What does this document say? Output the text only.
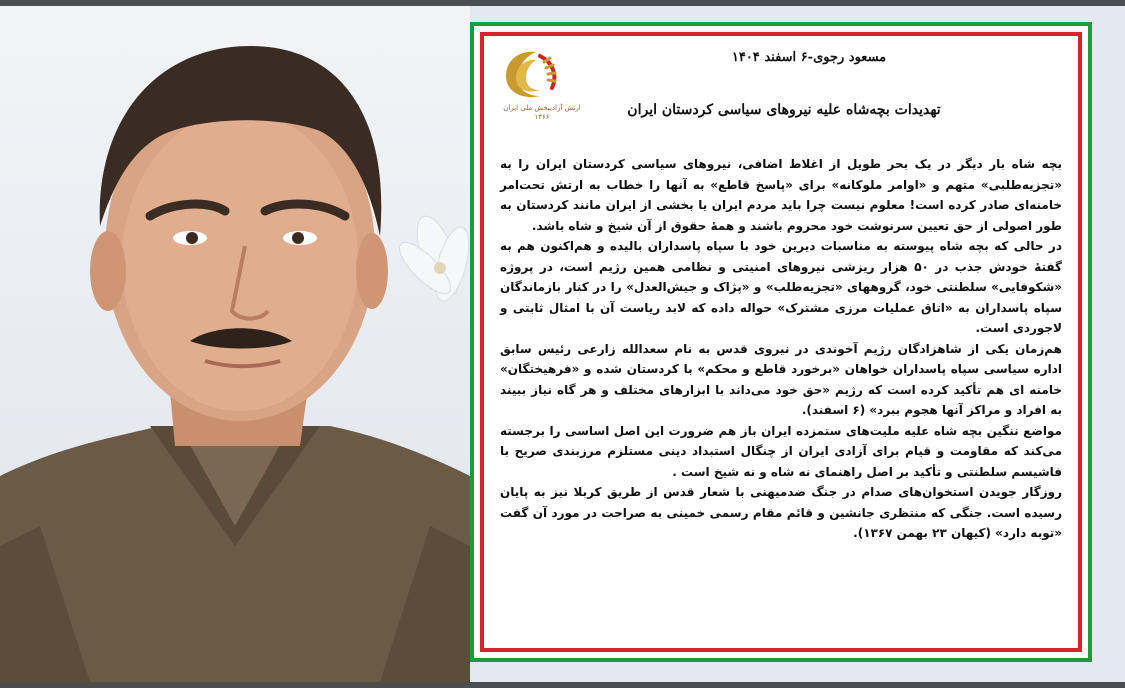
ارتش آزادیبخش ملی ایران ۱۳۶۶
مسعود رجوی-۶ اسفند ۱۴۰۴
تهدیدات بچه‌شاه علیه نیروهای سیاسی کردستان ایران

بچه شاه بار دیگر در یک بحر طویل از اغلاط اضافی، نیروهای سیاسی کردستان ایران را به «تجزیه‌طلبی» متهم و «اوامر ملوکانه» برای «پاسخ قاطع» به آنها را خطاب به ارتش تحت‌امر خامنه‌ای صادر کرده است! معلوم نیست چرا باید مردم ایران یا بخشی از ایران مانند کردستان به طور اصولی از حق تعیین سرنوشت خود محروم باشند و همهٔ حقوق از آن شیخ و شاه باشد.

در حالی که بچه شاه پیوسته به مناسبات دیرین خود با سپاه پاسداران بالیده و هم‌اکنون هم به گفتهٔ خودش جذب در ۵۰ هزار ریزشی نیروهای امنیتی و نظامی همین رژیم است، در پروژه «شکوفایی» سلطنتی خود، گروههای «تجزیه‌طلب» و «پژاک و جیش‌العدل» را در کنار بازماندگان سپاه پاسداران به «اتاق عملیات مرزی مشترک» حواله داده که لابد ریاست آن با امثال ثابتی و لاجوردی است.

هم‌زمان یکی از شاهزادگان رژیم آخوندی در نیروی قدس به نام سعدالله زارعی رئیس سابق اداره سیاسی سپاه پاسداران خواهان «برخورد قاطع و محکم» با کردستان شده و «فرهیختگان» خامنه ای هم تأکید کرده است که رژیم «حق خود می‌داند با ابزارهای مختلف و هر گاه نیاز ببیند به افراد و مراکز آنها هجوم ببرد» (۶ اسفند).

مواضع ننگین بچه شاه علیه ملیت‌های ستمزده ایران باز هم ضرورت این اصل اساسی را برجسته می‌کند که مقاومت و قیام برای آزادی ایران از چنگال استبداد دینی مستلزم مرزبندی صریح با فاشیسم سلطنتی و تأکید بر اصل راهنمای نه شاه و نه شیخ است .

روزگار جویدن استخوان‌های صدام در جنگ ضدمیهنی با شعار قدس از طریق کربلا نیز به پایان رسیده است. جنگی که منتظری جانشین و قائم مقام رسمی خمینی به صراحت در مورد آن گفت «توبه دارد» (کیهان ۲۳ بهمن ۱۳۶۷).
